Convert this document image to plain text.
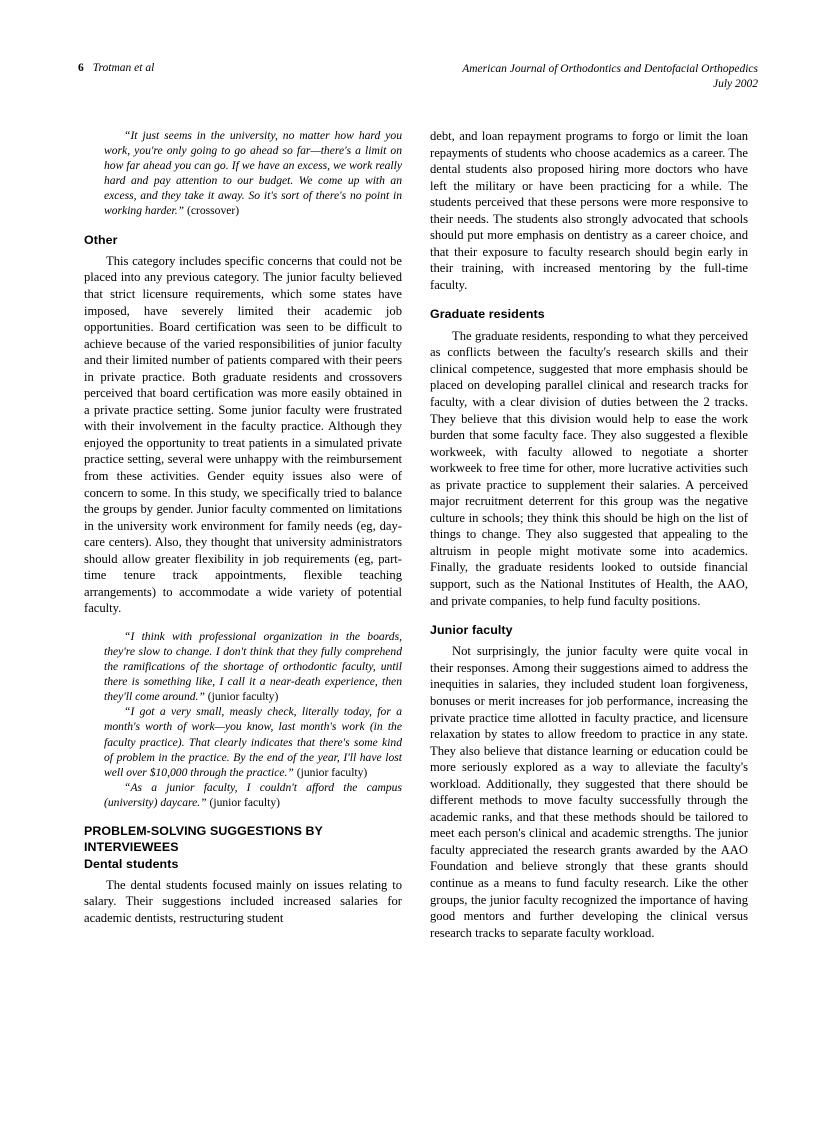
6 Trotman et al	American Journal of Orthodontics and Dentofacial Orthopedics
July 2002

“It just seems in the university, no matter how hard you work, you're only going to go ahead so far—there's a limit on how far ahead you can go. If we have an excess, we work really hard and pay attention to our budget. We come up with an excess, and they take it away. So it's sort of there's no point in working harder.” (crossover)

Other

This category includes specific concerns that could not be placed into any previous category. The junior faculty believed that strict licensure requirements, which some states have imposed, have severely limited their academic job opportunities. Board certification was seen to be difficult to achieve because of the varied responsibilities of junior faculty and their limited number of patients compared with their peers in private practice. Both graduate residents and crossovers perceived that board certification was more easily obtained in a private practice setting. Some junior faculty were frustrated with their involvement in the faculty practice. Although they enjoyed the opportunity to treat patients in a simulated private practice setting, several were unhappy with the reimbursement from these activities. Gender equity issues also were of concern to some. In this study, we specifically tried to balance the groups by gender. Junior faculty commented on limitations in the university work environment for family needs (eg, day-care centers). Also, they thought that university administrators should allow greater flexibility in job requirements (eg, part-time tenure track appointments, flexible teaching arrangements) to accommodate a wide variety of potential faculty.

“I think with professional organization in the boards, they're slow to change. I don't think that they fully comprehend the ramifications of the shortage of orthodontic faculty, until there is something like, I call it a near-death experience, then they'll come around.” (junior faculty)

“I got a very small, measly check, literally today, for a month's worth of work—you know, last month's work (in the faculty practice). That clearly indicates that there's some kind of problem in the practice. By the end of the year, I'll have lost well over $10,000 through the practice.” (junior faculty)

“As a junior faculty, I couldn't afford the campus (university) daycare.” (junior faculty)

PROBLEM-SOLVING SUGGESTIONS BY INTERVIEWEES
Dental students

The dental students focused mainly on issues relating to salary. Their suggestions included increased salaries for academic dentists, restructuring student

debt, and loan repayment programs to forgo or limit the loan repayments of students who choose academics as a career. The dental students also proposed hiring more doctors who have left the military or have been practicing for a while. The students perceived that these persons were more responsive to their needs. The students also strongly advocated that schools should put more emphasis on dentistry as a career choice, and that their exposure to faculty research should begin early in their training, with increased mentoring by the full-time faculty.

Graduate residents

The graduate residents, responding to what they perceived as conflicts between the faculty's research skills and their clinical competence, suggested that more emphasis should be placed on developing parallel clinical and research tracks for faculty, with a clear division of duties between the 2 tracks. They believe that this division would help to ease the work burden that some faculty face. They also suggested a flexible workweek, with faculty allowed to negotiate a shorter workweek to free time for other, more lucrative activities such as private practice to supplement their salaries. A perceived major recruitment deterrent for this group was the negative culture in schools; they think this should be high on the list of things to change. They also suggested that appealing to the altruism in people might motivate some into academics. Finally, the graduate residents looked to outside financial support, such as the National Institutes of Health, the AAO, and private companies, to help fund faculty positions.

Junior faculty

Not surprisingly, the junior faculty were quite vocal in their responses. Among their suggestions aimed to address the inequities in salaries, they included student loan forgiveness, bonuses or merit increases for job performance, increasing the private practice time allotted in faculty practice, and licensure relaxation by states to allow freedom to practice in any state. They also believe that distance learning or education could be more seriously explored as a way to alleviate the faculty's workload. Additionally, they suggested that there should be different methods to move faculty successfully through the academic ranks, and that these methods should be tailored to meet each person's clinical and academic strengths. The junior faculty appreciated the research grants awarded by the AAO Foundation and believe strongly that these grants should continue as a means to fund faculty research. Like the other groups, the junior faculty recognized the importance of having good mentors and further developing the clinical versus research tracks to separate faculty workload.
